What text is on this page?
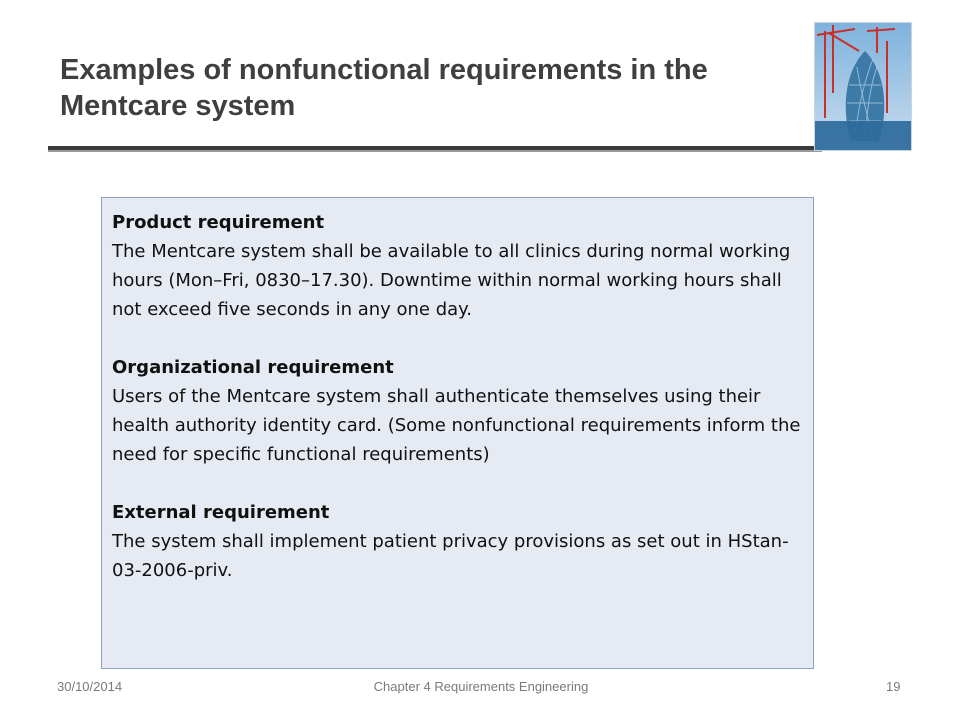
Examples of nonfunctional requirements in the Mentcare system
Product requirement
The Mentcare system shall be available to all clinics during normal working hours (Mon–Fri, 0830–17.30). Downtime within normal working hours shall not exceed five seconds in any one day.
Organizational requirement
Users of the Mentcare system shall authenticate themselves using their health authority identity card. (Some nonfunctional requirements inform the need for specific functional requirements)
External requirement
The system shall implement patient privacy provisions as set out in HStan-03-2006-priv.
30/10/2014	Chapter 4 Requirements Engineering	19
